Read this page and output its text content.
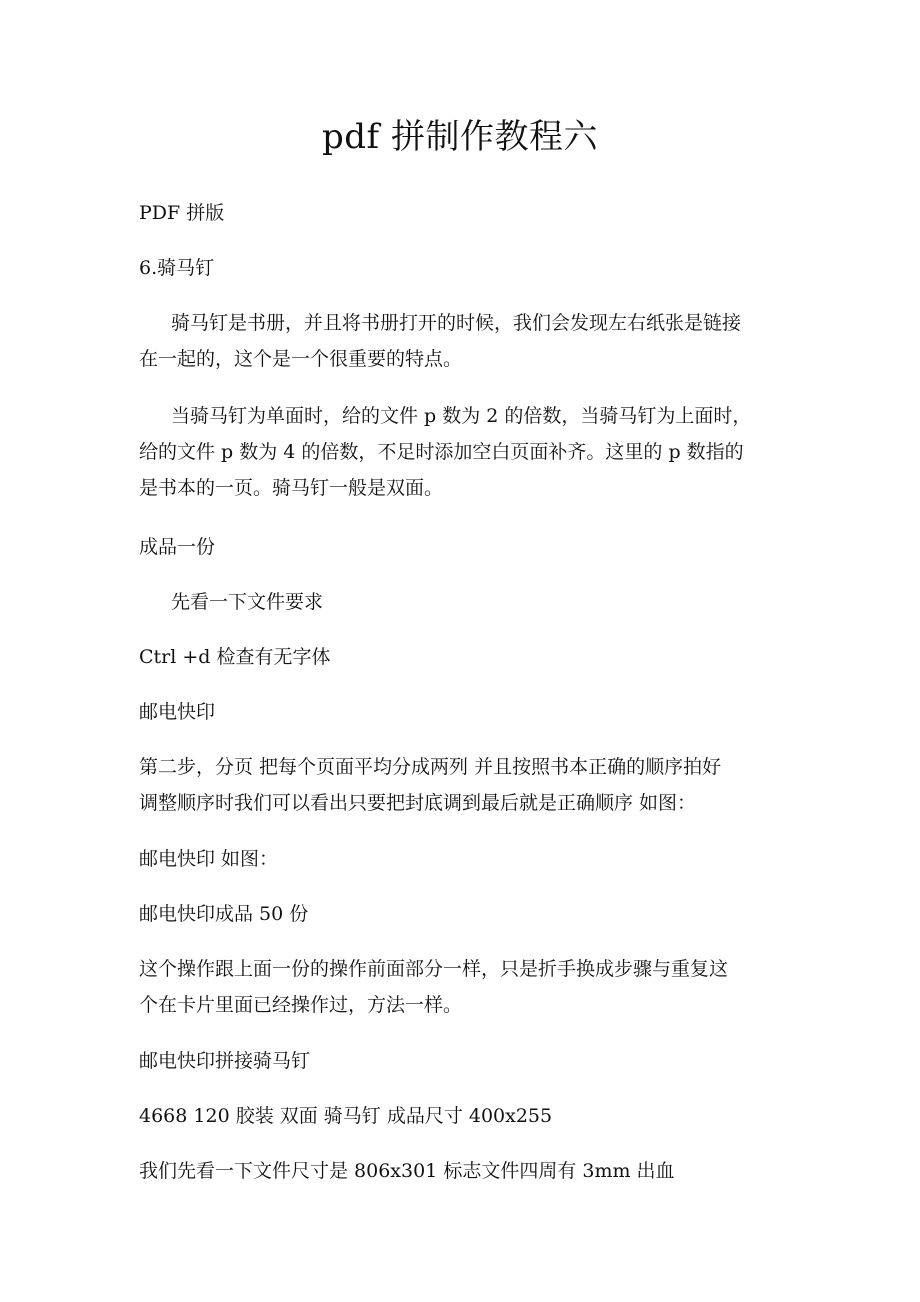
pdf 拼制作教程六

PDF 拼版

6.骑马钉

骑马钉是书册，并且将书册打开的时候，我们会发现左右纸张是链接
在一起的，这个是一个很重要的特点。

当骑马钉为单面时，给的文件 p 数为 2 的倍数，当骑马钉为上面时，
给的文件 p 数为 4 的倍数，不足时添加空白页面补齐。这里的 p 数指的
是书本的一页。骑马钉一般是双面。

成品一份

先看一下文件要求

Ctrl +d 检查有无字体

邮电快印

第二步，分页 把每个页面平均分成两列 并且按照书本正确的顺序拍好
调整顺序时我们可以看出只要把封底调到最后就是正确顺序 如图：

邮电快印 如图：

邮电快印成品 50 份

这个操作跟上面一份的操作前面部分一样，只是折手换成步骤与重复这
个在卡片里面已经操作过，方法一样。

邮电快印拼接骑马钉

4668 120 胶装 双面 骑马钉 成品尺寸 400x255

我们先看一下文件尺寸是 806x301 标志文件四周有 3mm 出血
